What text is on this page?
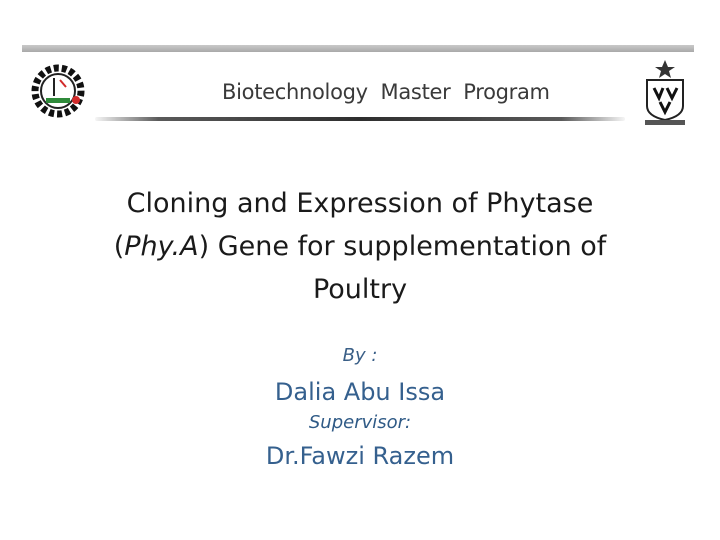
Biotechnology  Master  Program
Cloning and Expression of Phytase
(Phy.A) Gene for supplementation of
Poultry
By :
Dalia Abu Issa
Supervisor:
Dr.Fawzi Razem
